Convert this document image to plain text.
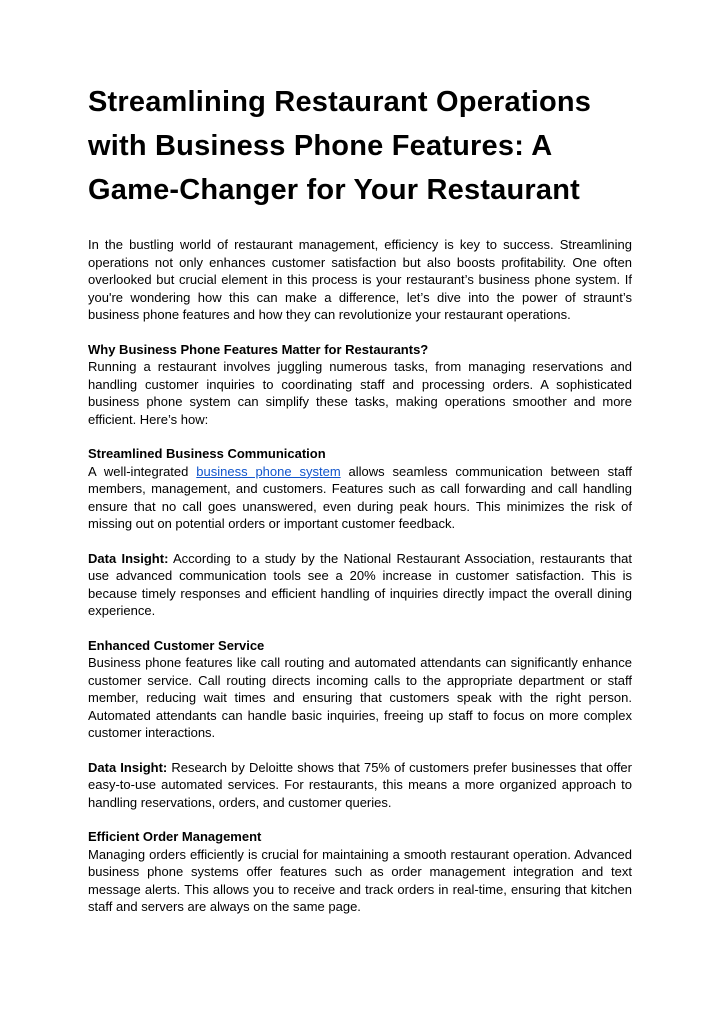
Streamlining Restaurant Operations with Business Phone Features: A Game-Changer for Your Restaurant

In the bustling world of restaurant management, efficiency is key to success. Streamlining operations not only enhances customer satisfaction but also boosts profitability. One often overlooked but crucial element in this process is your restaurant’s business phone system. If you're wondering how this can make a difference, let’s dive into the power of straunt’s business phone features and how they can revolutionize your restaurant operations.

Why Business Phone Features Matter for Restaurants?

Running a restaurant involves juggling numerous tasks, from managing reservations and handling customer inquiries to coordinating staff and processing orders. A sophisticated business phone system can simplify these tasks, making operations smoother and more efficient. Here’s how:

Streamlined Business Communication

A well-integrated business phone system allows seamless communication between staff members, management, and customers. Features such as call forwarding and call handling ensure that no call goes unanswered, even during peak hours. This minimizes the risk of missing out on potential orders or important customer feedback.

Data Insight: According to a study by the National Restaurant Association, restaurants that use advanced communication tools see a 20% increase in customer satisfaction. This is because timely responses and efficient handling of inquiries directly impact the overall dining experience.

Enhanced Customer Service

Business phone features like call routing and automated attendants can significantly enhance customer service. Call routing directs incoming calls to the appropriate department or staff member, reducing wait times and ensuring that customers speak with the right person. Automated attendants can handle basic inquiries, freeing up staff to focus on more complex customer interactions.

Data Insight: Research by Deloitte shows that 75% of customers prefer businesses that offer easy-to-use automated services. For restaurants, this means a more organized approach to handling reservations, orders, and customer queries.

Efficient Order Management

Managing orders efficiently is crucial for maintaining a smooth restaurant operation. Advanced business phone systems offer features such as order management integration and text message alerts. This allows you to receive and track orders in real-time, ensuring that kitchen staff and servers are always on the same page.
